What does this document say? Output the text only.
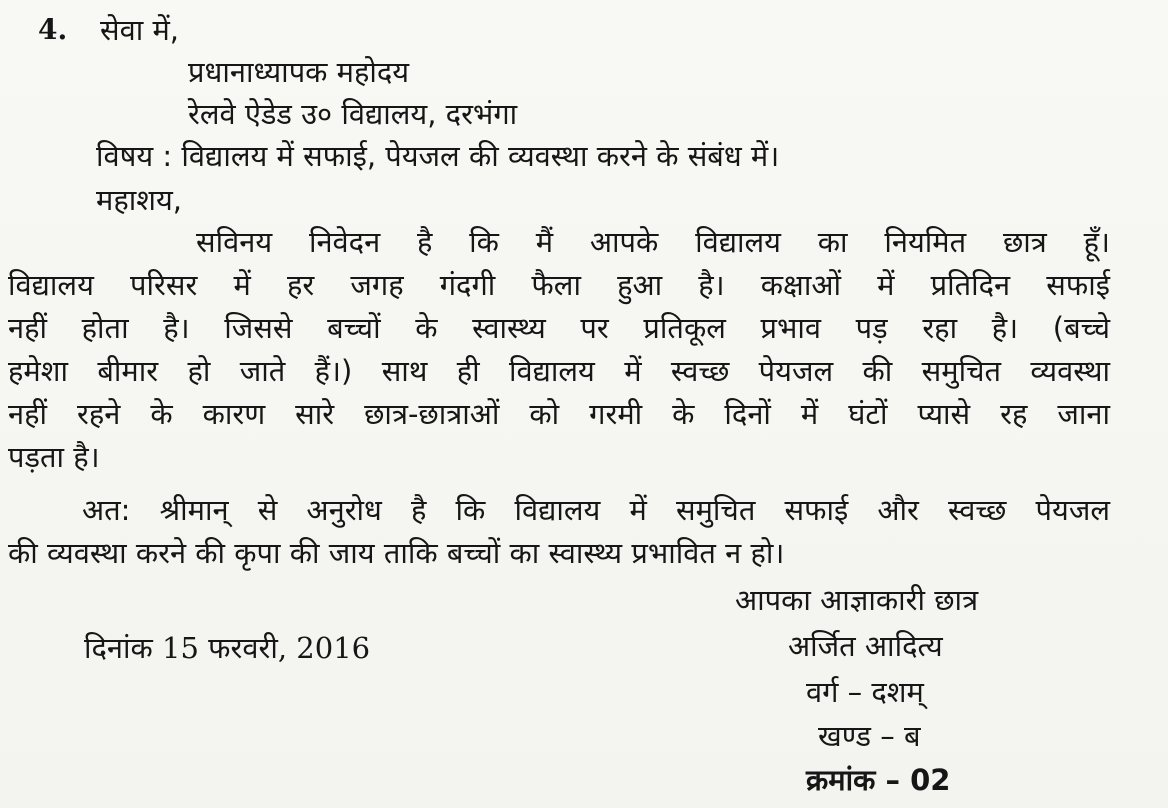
4. सेवा में,
प्रधानाध्यापक महोदय
रेलवे ऐडेड उ० विद्यालय, दरभंगा
विषय : विद्यालय में सफाई, पेयजल की व्यवस्था करने के संबंध में।
महाशय,
सविनय निवेदन है कि मैं आपके विद्यालय का नियमित छात्र हूँ।
विद्यालय परिसर में हर जगह गंदगी फैला हुआ है। कक्षाओं में प्रतिदिन सफाई
नहीं होता है। जिससे बच्चों के स्वास्थ्य पर प्रतिकूल प्रभाव पड़ रहा है। (बच्चे
हमेशा बीमार हो जाते हैं।) साथ ही विद्यालय में स्वच्छ पेयजल की समुचित व्यवस्था
नहीं रहने के कारण सारे छात्र-छात्राओं को गरमी के दिनों में घंटों प्यासे रह जाना
पड़ता है।
अत: श्रीमान् से अनुरोध है कि विद्यालय में समुचित सफाई और स्वच्छ पेयजल
की व्यवस्था करने की कृपा की जाय ताकि बच्चों का स्वास्थ्य प्रभावित न हो।
आपका आज्ञाकारी छात्र
दिनांक 15 फरवरी, 2016	अर्जित आदित्य
वर्ग – दशम्
खण्ड – ब
क्रमांक – 02
